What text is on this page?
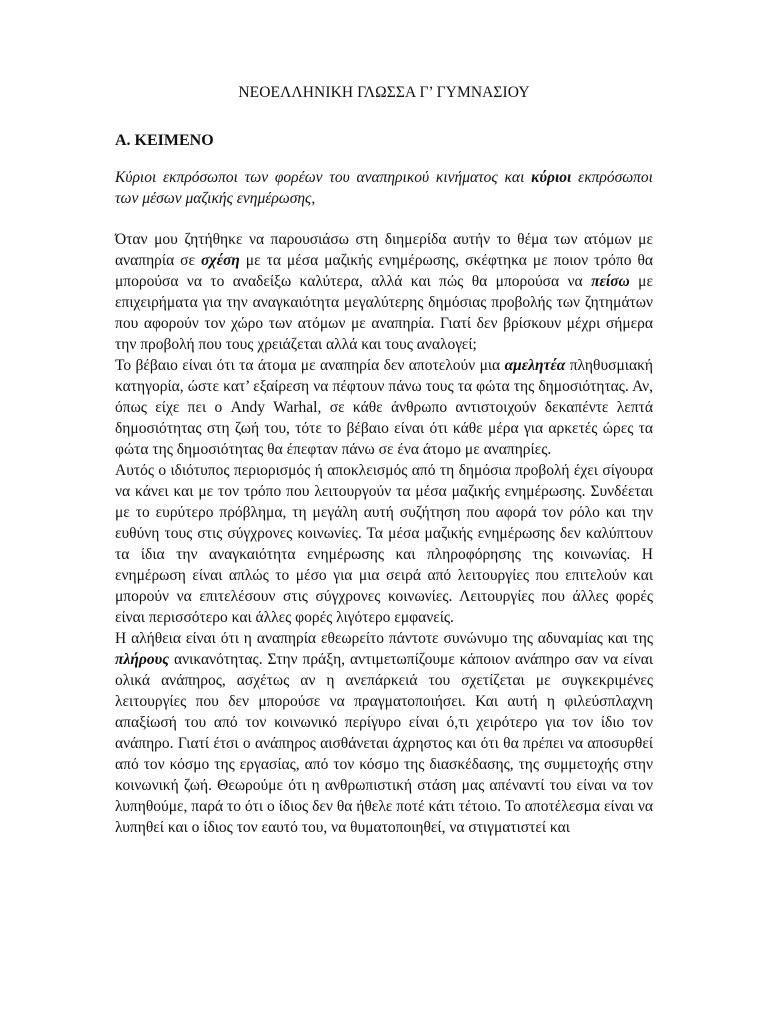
ΝΕΟΕΛΛΗΝΙΚΗ ΓΛΩΣΣΑ Γ’ ΓΥΜΝΑΣΙΟΥ
Α. ΚΕΙΜΕΝΟ

Κύριοι εκπρόσωποι των φορέων του αναπηρικού κινήματος και κύριοι εκπρόσωποι των μέσων μαζικής ενημέρωσης,

Όταν μου ζητήθηκε να παρουσιάσω στη διημερίδα αυτήν το θέμα των ατόμων με αναπηρία σε σχέση με τα μέσα μαζικής ενημέρωσης, σκέφτηκα με ποιον τρόπο θα μπορούσα να το αναδείξω καλύτερα, αλλά και πώς θα μπορούσα να πείσω με επιχειρήματα για την αναγκαιότητα μεγαλύτερης δημόσιας προβολής των ζητημάτων που αφορούν τον χώρο των ατόμων με αναπηρία. Γιατί δεν βρίσκουν μέχρι σήμερα την προβολή που τους χρειάζεται αλλά και τους αναλογεί;

Το βέβαιο είναι ότι τα άτομα με αναπηρία δεν αποτελούν μια αμελητέα πληθυσμιακή κατηγορία, ώστε κατ’ εξαίρεση να πέφτουν πάνω τους τα φώτα της δημοσιότητας. Αν, όπως είχε πει ο Andy Warhal, σε κάθε άνθρωπο αντιστοιχούν δεκαπέντε λεπτά δημοσιότητας στη ζωή του, τότε το βέβαιο είναι ότι κάθε μέρα για αρκετές ώρες τα φώτα της δημοσιότητας θα έπεφταν πάνω σε ένα άτομο με αναπηρίες.

Αυτός ο ιδιότυπος περιορισμός ή αποκλεισμός από τη δημόσια προβολή έχει σίγουρα να κάνει και με τον τρόπο που λειτουργούν τα μέσα μαζικής ενημέρωσης. Συνδέεται με το ευρύτερο πρόβλημα, τη μεγάλη αυτή συζήτηση που αφορά τον ρόλο και την ευθύνη τους στις σύγχρονες κοινωνίες. Τα μέσα μαζικής ενημέρωσης δεν καλύπτουν τα ίδια την αναγκαιότητα ενημέρωσης και πληροφόρησης της κοινωνίας. Η ενημέρωση είναι απλώς το μέσο για μια σειρά από λειτουργίες που επιτελούν και μπορούν να επιτελέσουν στις σύγχρονες κοινωνίες. Λειτουργίες που άλλες φορές είναι περισσότερο και άλλες φορές λιγότερο εμφανείς.

Η αλήθεια είναι ότι η αναπηρία εθεωρείτο πάντοτε συνώνυμο της αδυναμίας και της πλήρους ανικανότητας. Στην πράξη, αντιμετωπίζουμε κάποιον ανάπηρο σαν να είναι ολικά ανάπηρος, ασχέτως αν η ανεπάρκειά του σχετίζεται με συγκεκριμένες λειτουργίες που δεν μπορούσε να πραγματοποιήσει. Και αυτή η φιλεύσπλαχνη απαξίωσή του από τον κοινωνικό περίγυρο είναι ό,τι χειρότερο για τον ίδιο τον ανάπηρο. Γιατί έτσι ο ανάπηρος αισθάνεται άχρηστος και ότι θα πρέπει να αποσυρθεί από τον κόσμο της εργασίας, από τον κόσμο της διασκέδασης, της συμμετοχής στην κοινωνική ζωή. Θεωρούμε ότι η ανθρωπιστική στάση μας απέναντί του είναι να τον λυπηθούμε, παρά το ότι ο ίδιος δεν θα ήθελε ποτέ κάτι τέτοιο. Το αποτέλεσμα είναι να λυπηθεί και ο ίδιος τον εαυτό του, να θυματοποιηθεί, να στιγματιστεί και
